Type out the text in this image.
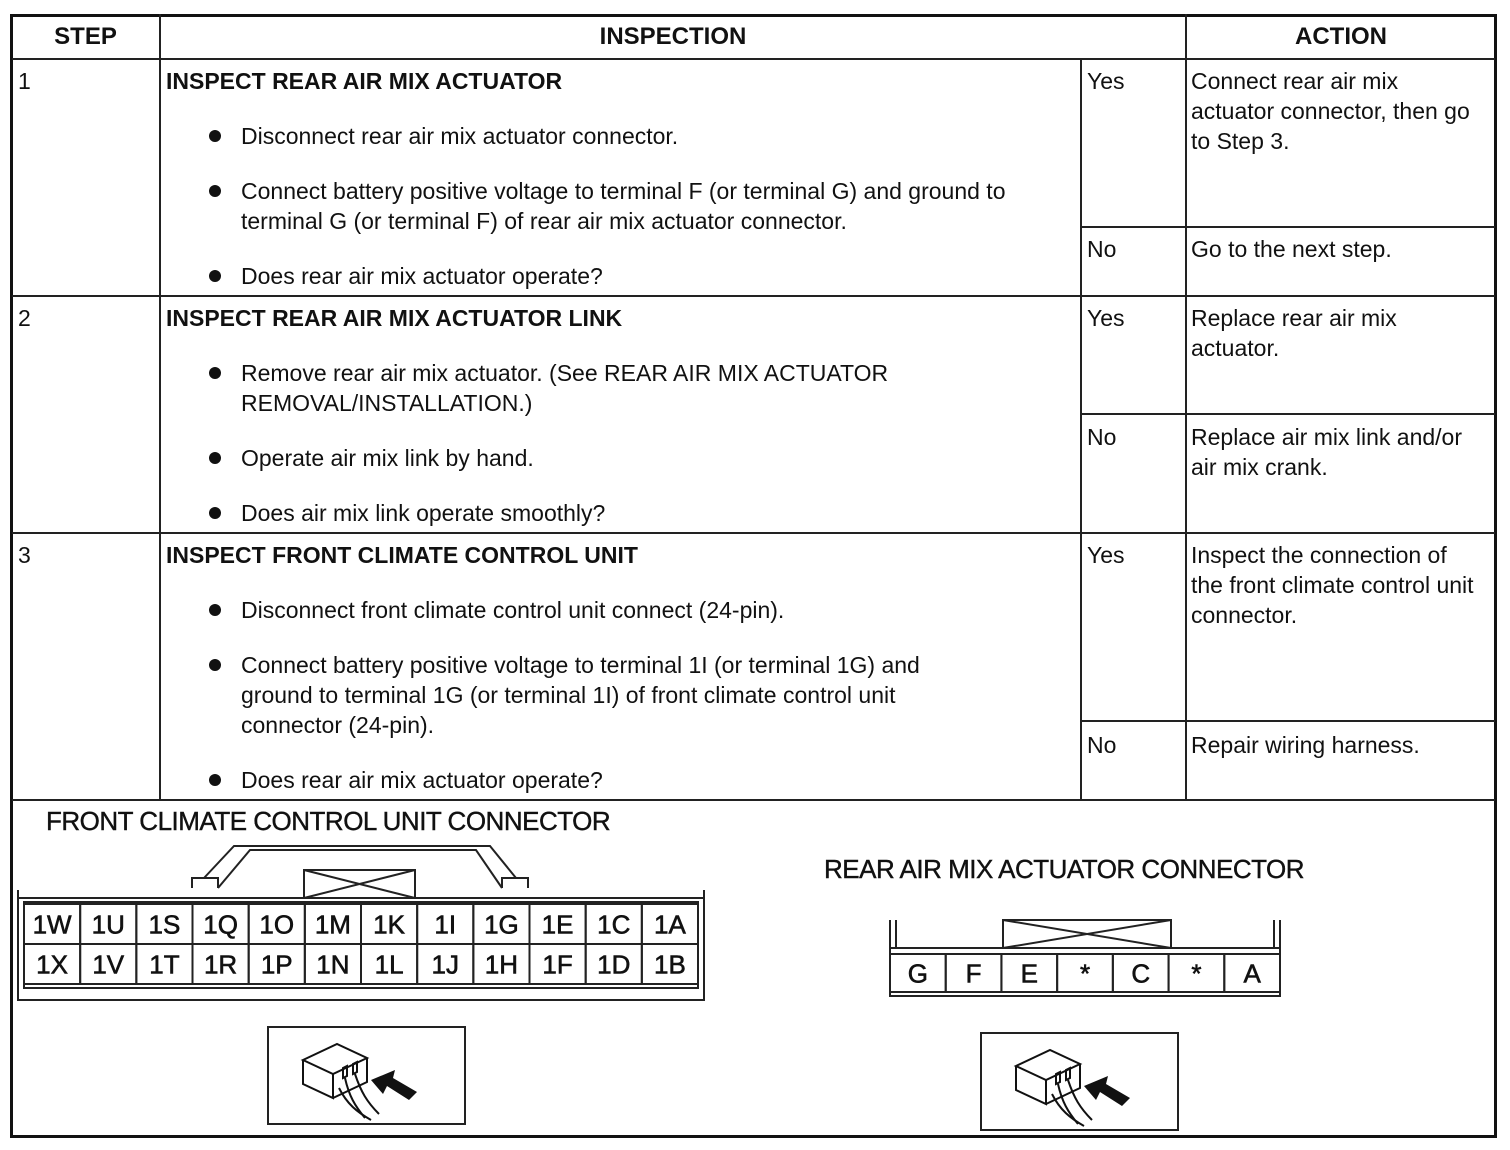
STEP	INSPECTION	ACTION
1	INSPECT REAR AIR MIX ACTUATOR
Disconnect rear air mix actuator connector.
Connect battery positive voltage to terminal F (or terminal G) and ground to terminal G (or terminal F) of rear air mix actuator connector.
Does rear air mix actuator operate?
Yes	Connect rear air mix actuator connector, then go to Step 3.
No	Go to the next step.
2	INSPECT REAR AIR MIX ACTUATOR LINK
Remove rear air mix actuator. (See REAR AIR MIX ACTUATOR REMOVAL/INSTALLATION.)
Operate air mix link by hand.
Does air mix link operate smoothly?
Yes	Replace rear air mix actuator.
No	Replace air mix link and/or air mix crank.
3	INSPECT FRONT CLIMATE CONTROL UNIT
Disconnect front climate control unit connect (24-pin).
Connect battery positive voltage to terminal 1I (or terminal 1G) and ground to terminal 1G (or terminal 1I) of front climate control unit connector (24-pin).
Does rear air mix actuator operate?
Yes	Inspect the connection of the front climate control unit connector.
No	Repair wiring harness.
FRONT CLIMATE CONTROL UNIT CONNECTOR
1W 1U 1S 1Q 1O 1M 1K 1I 1G 1E 1C 1A
1X 1V 1T 1R 1P 1N 1L 1J 1H 1F 1D 1B
REAR AIR MIX ACTUATOR CONNECTOR
G F E * C * A
